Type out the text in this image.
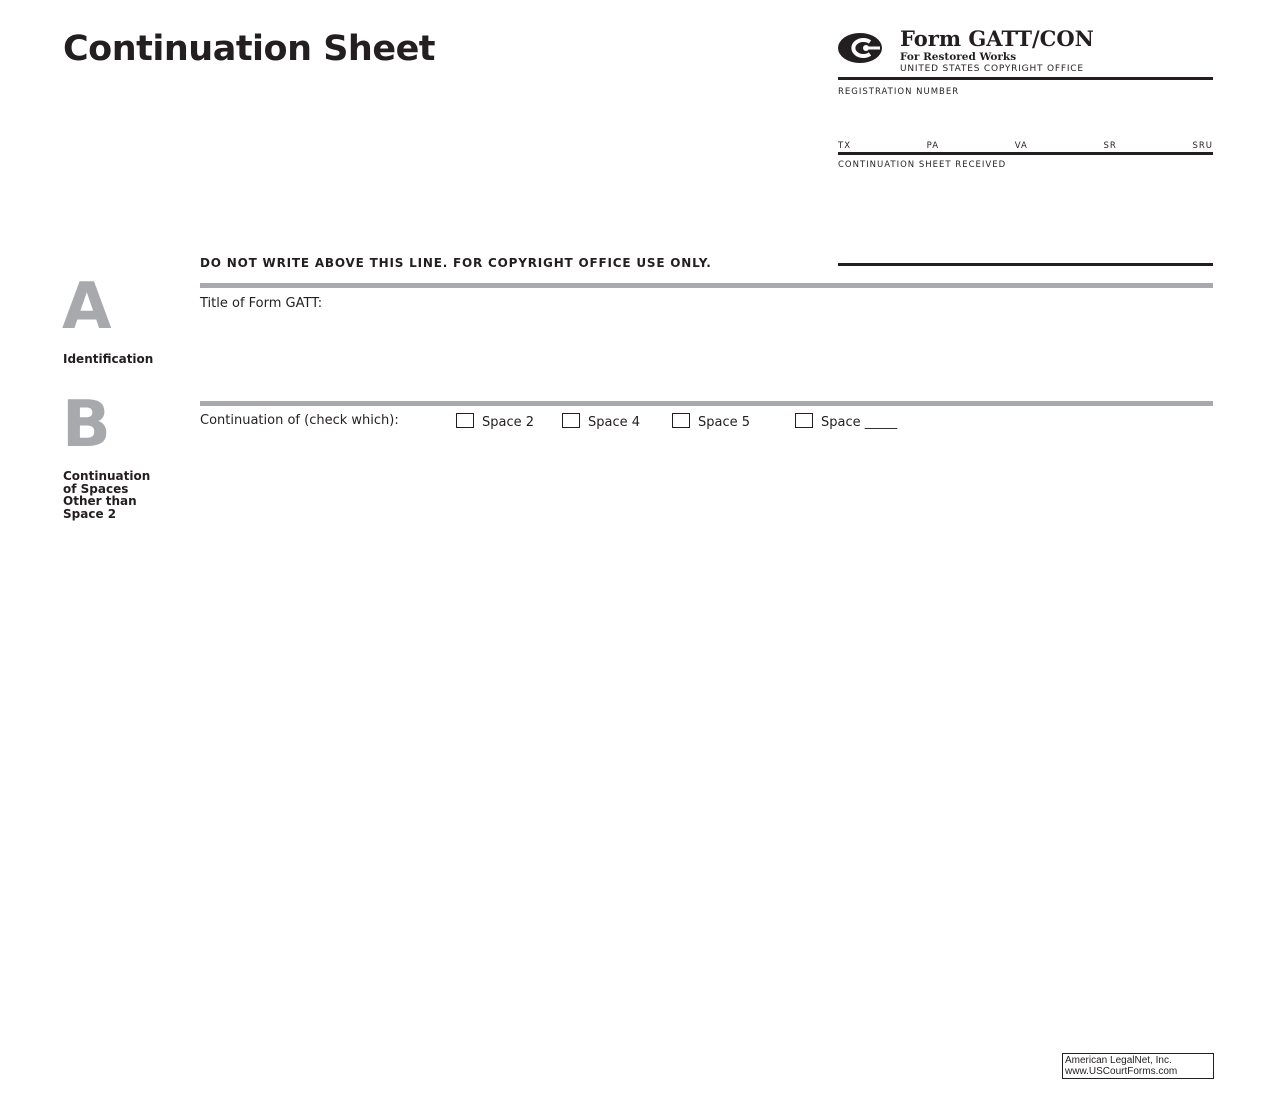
Continuation Sheet	Form GATT/CON
For Restored Works
UNITED STATES COPYRIGHT OFFICE
REGISTRATION NUMBER
TX	PA	VA	SR	SRU
CONTINUATION SHEET RECEIVED
DO NOT WRITE ABOVE THIS LINE. FOR COPYRIGHT OFFICE USE ONLY.
A
Identification
Title of Form GATT:
B
Continuation
of Spaces
Other than
Space 2
Continuation of (check which):	Space 2	Space 4	Space 5	Space _____
American LegalNet, Inc.
www.USCourtForms.com
